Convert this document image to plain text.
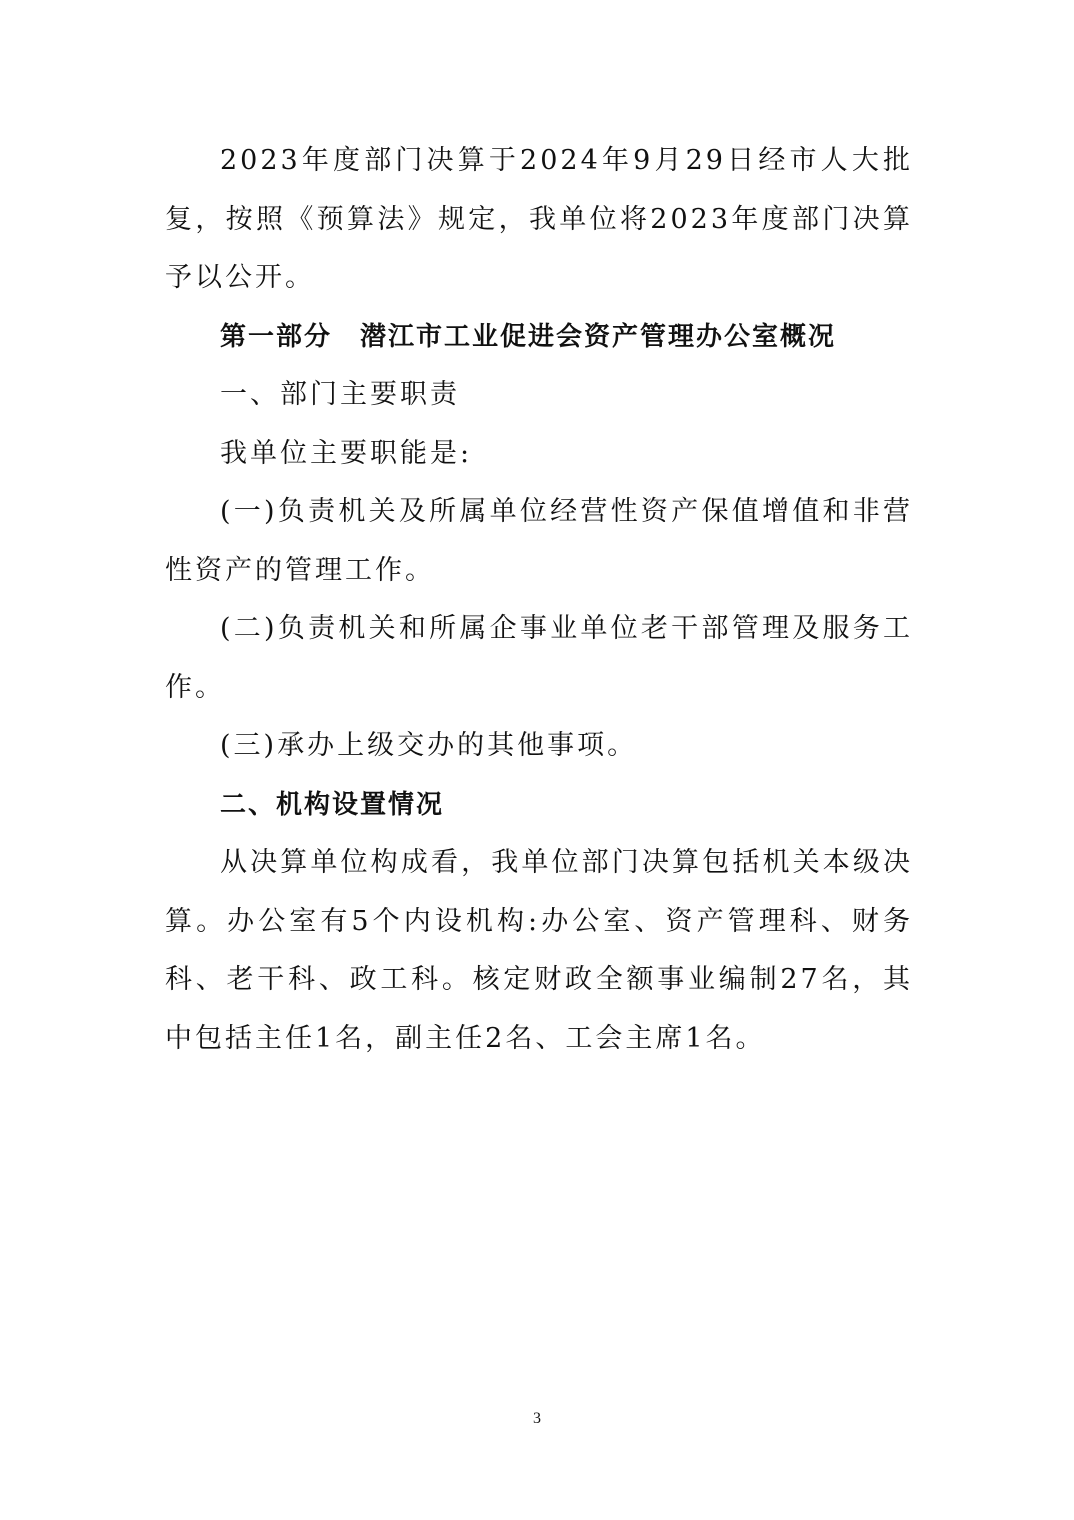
2023年度部门决算于2024年9月29日经市人大批复，按照《预算法》规定，我单位将2023年度部门决算予以公开。

第一部分　潜江市工业促进会资产管理办公室概况

一、部门主要职责

我单位主要职能是:

(一)负责机关及所属单位经营性资产保值增值和非营性资产的管理工作。

(二)负责机关和所属企事业单位老干部管理及服务工作。

(三)承办上级交办的其他事项。

二、机构设置情况

从决算单位构成看，我单位部门决算包括机关本级决算。办公室有5个内设机构:办公室、资产管理科、财务科、老干科、政工科。核定财政全额事业编制27名，其中包括主任1名，副主任2名、工会主席1名。

3
